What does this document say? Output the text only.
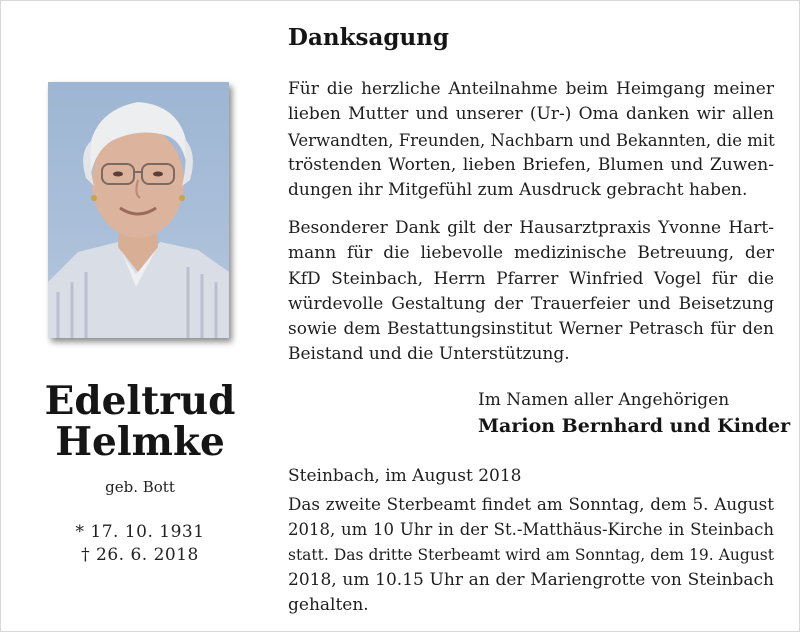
Edeltrud
Helmke
geb. Bott
* 17. 10. 1931
† 26. 6. 2018
Danksagung
Für die herzliche Anteilnahme beim Heimgang meiner
lieben Mutter und unserer (Ur-) Oma danken wir allen
Verwandten, Freunden, Nachbarn und Bekannten, die mit
tröstenden Worten, lieben Briefen, Blumen und Zuwen-
dungen ihr Mitgefühl zum Ausdruck gebracht haben.
Besonderer Dank gilt der Hausarztpraxis Yvonne Hart-
mann für die liebevolle medizinische Betreuung, der
KfD Steinbach, Herrn Pfarrer Winfried Vogel für die
würdevolle Gestaltung der Trauerfeier und Beisetzung
sowie dem Bestattungsinstitut Werner Petrasch für den
Beistand und die Unterstützung.
Im Namen aller Angehörigen
Marion Bernhard und Kinder
Steinbach, im August 2018
Das zweite Sterbeamt findet am Sonntag, dem 5. August
2018, um 10 Uhr in der St.-Matthäus-Kirche in Steinbach
statt. Das dritte Sterbeamt wird am Sonntag, dem 19. August
2018, um 10.15 Uhr an der Mariengrotte von Steinbach
gehalten.
